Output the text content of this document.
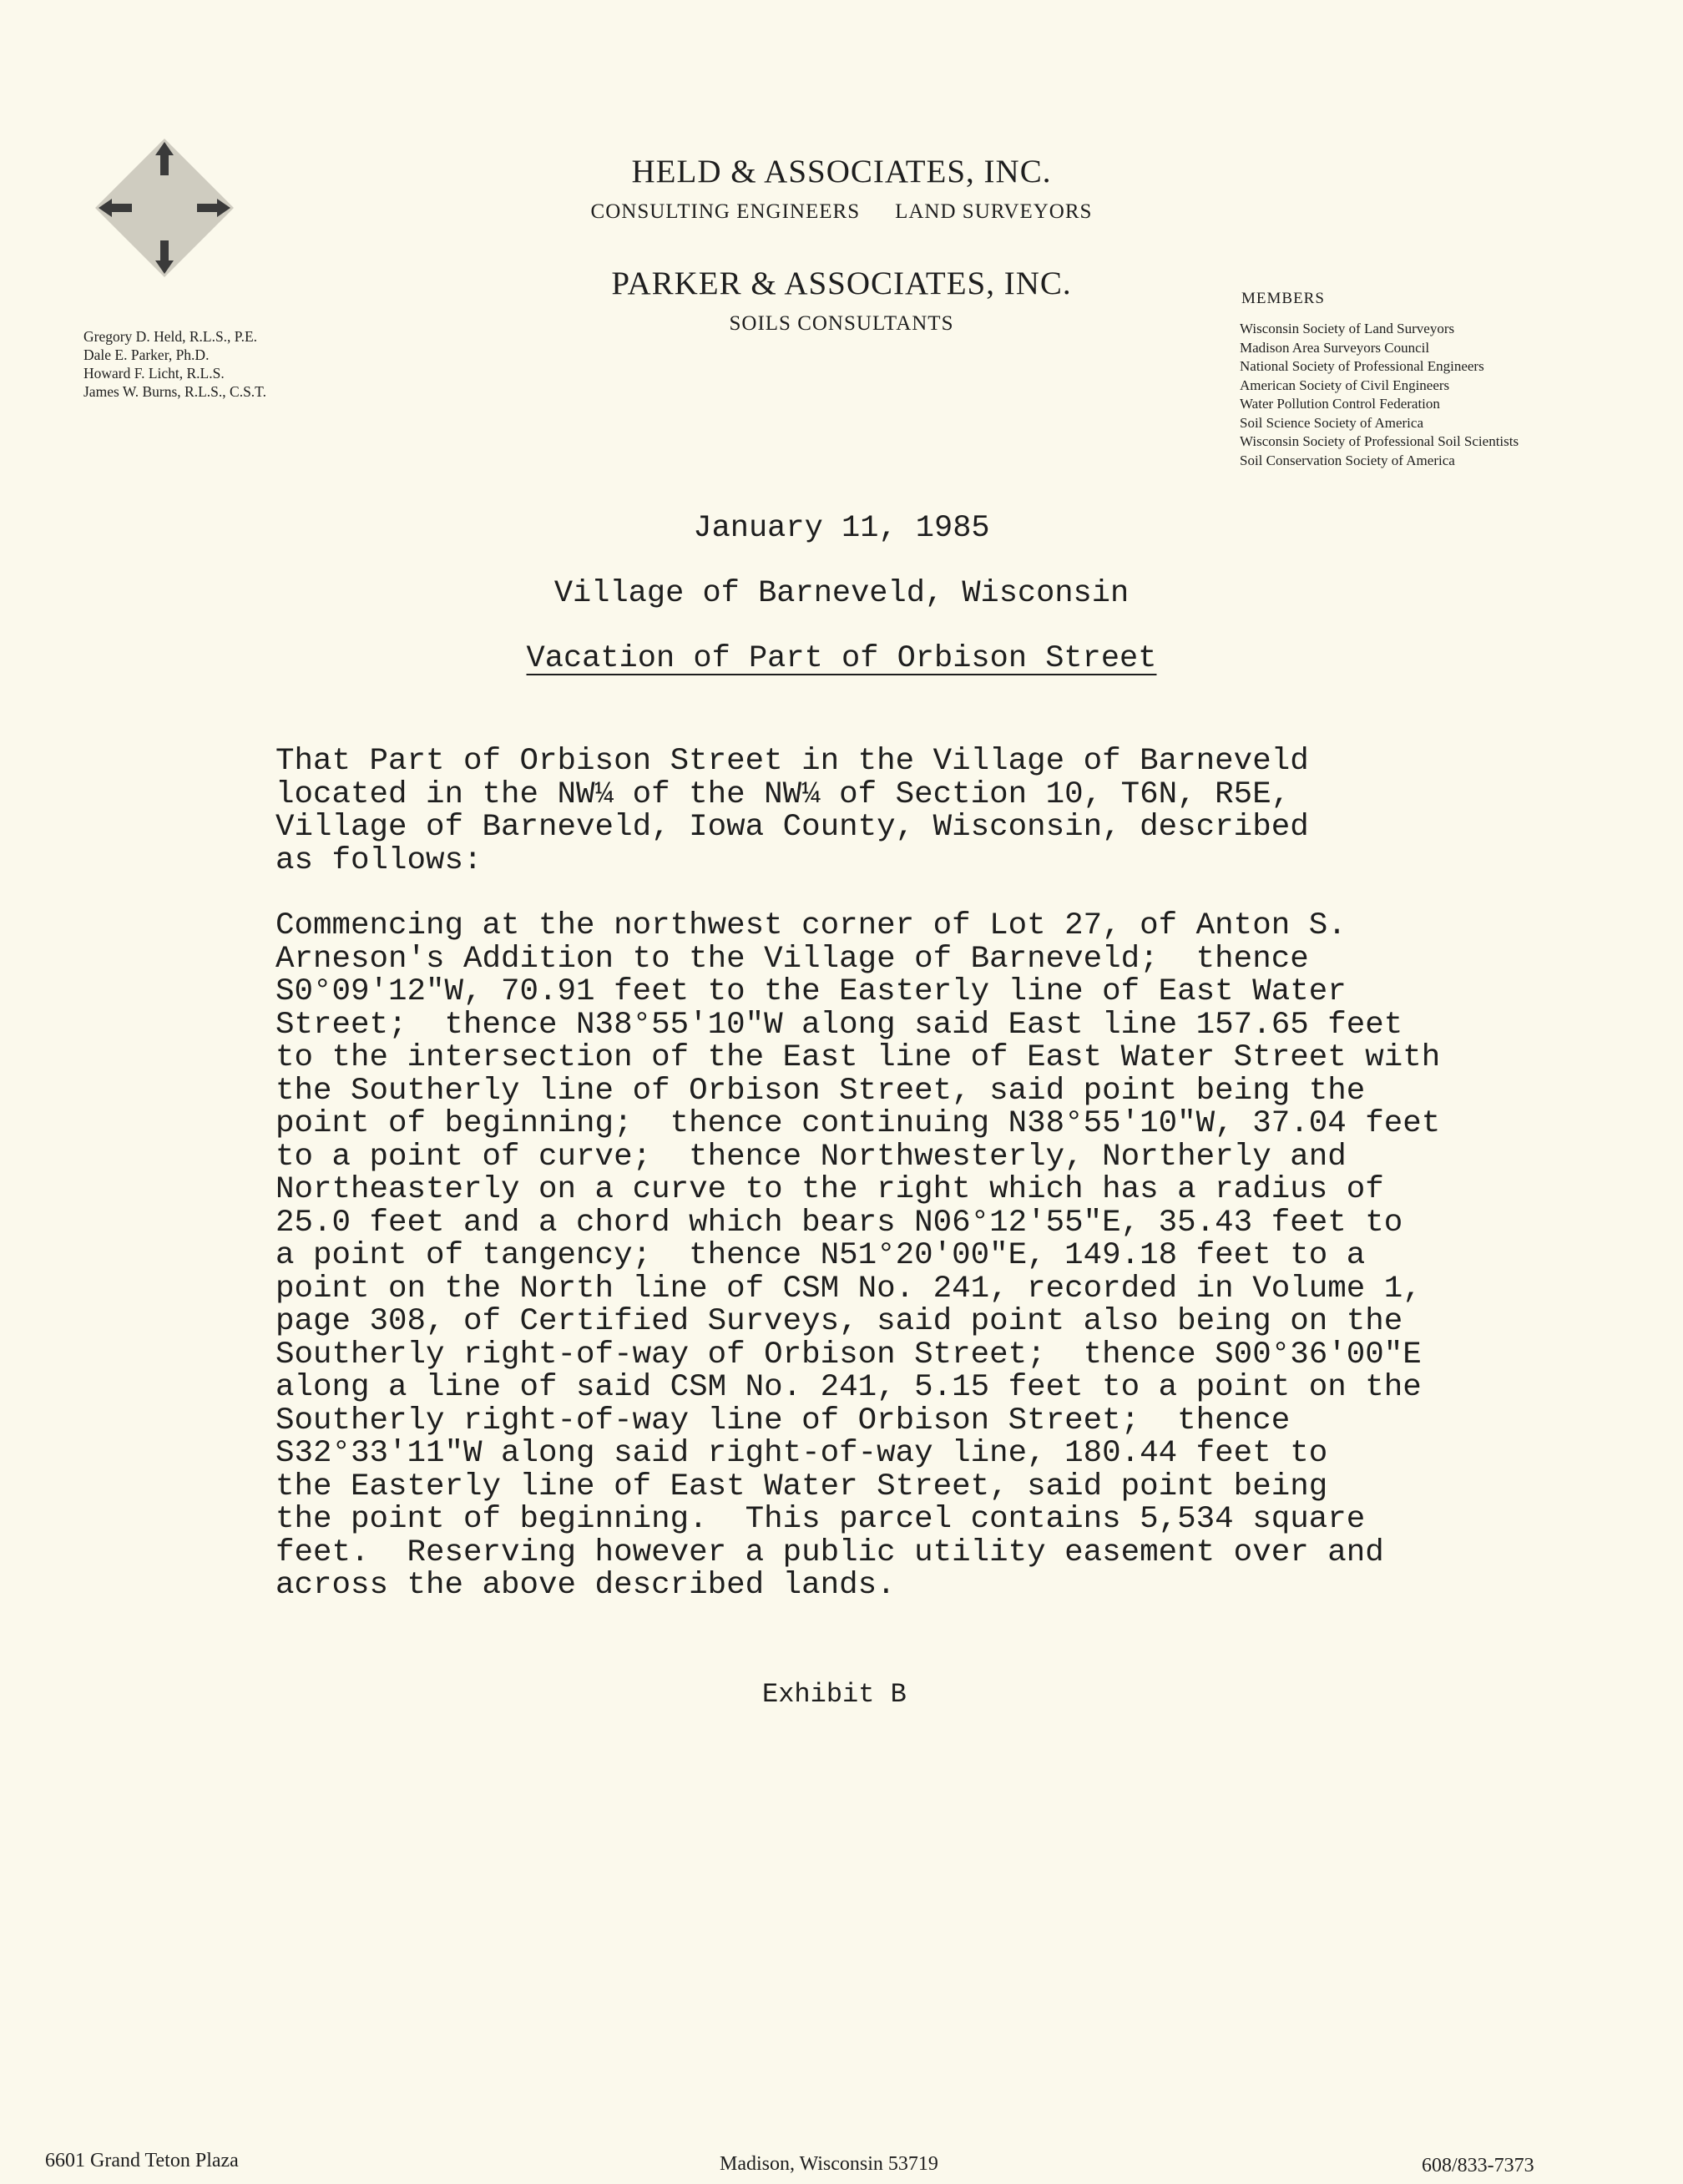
HELD & ASSOCIATES, INC.
CONSULTING ENGINEERS LAND SURVEYORS
PARKER & ASSOCIATES, INC.
SOILS CONSULTANTS
Gregory D. Held, R.L.S., P.E.
Dale E. Parker, Ph.D.
Howard F. Licht, R.L.S.
James W. Burns, R.L.S., C.S.T.
MEMBERS
Wisconsin Society of Land Surveyors
Madison Area Surveyors Council
National Society of Professional Engineers
American Society of Civil Engineers
Water Pollution Control Federation
Soil Science Society of America
Wisconsin Society of Professional Soil Scientists
Soil Conservation Society of America
January 11, 1985
Village of Barneveld, Wisconsin
Vacation of Part of Orbison Street

That Part of Orbison Street in the Village of Barneveld
located in the NW¼ of the NW¼ of Section 10, T6N, R5E,
Village of Barneveld, Iowa County, Wisconsin, described
as follows:

Commencing at the northwest corner of Lot 27, of Anton S.
Arneson's Addition to the Village of Barneveld;  thence
S0°09'12"W, 70.91 feet to the Easterly line of East Water
Street;  thence N38°55'10"W along said East line 157.65 feet
to the intersection of the East line of East Water Street with
the Southerly line of Orbison Street, said point being the
point of beginning;  thence continuing N38°55'10"W, 37.04 feet
to a point of curve;  thence Northwesterly, Northerly and
Northeasterly on a curve to the right which has a radius of
25.0 feet and a chord which bears N06°12'55"E, 35.43 feet to
a point of tangency;  thence N51°20'00"E, 149.18 feet to a
point on the North line of CSM No. 241, recorded in Volume 1,
page 308, of Certified Surveys, said point also being on the
Southerly right-of-way of Orbison Street;  thence S00°36'00"E
along a line of said CSM No. 241, 5.15 feet to a point on the
Southerly right-of-way line of Orbison Street;  thence
S32°33'11"W along said right-of-way line, 180.44 feet to
the Easterly line of East Water Street, said point being
the point of beginning.  This parcel contains 5,534 square
feet.  Reserving however a public utility easement over and
across the above described lands.

Exhibit B
6601 Grand Teton Plaza	Madison, Wisconsin 53719	608/833-7373
